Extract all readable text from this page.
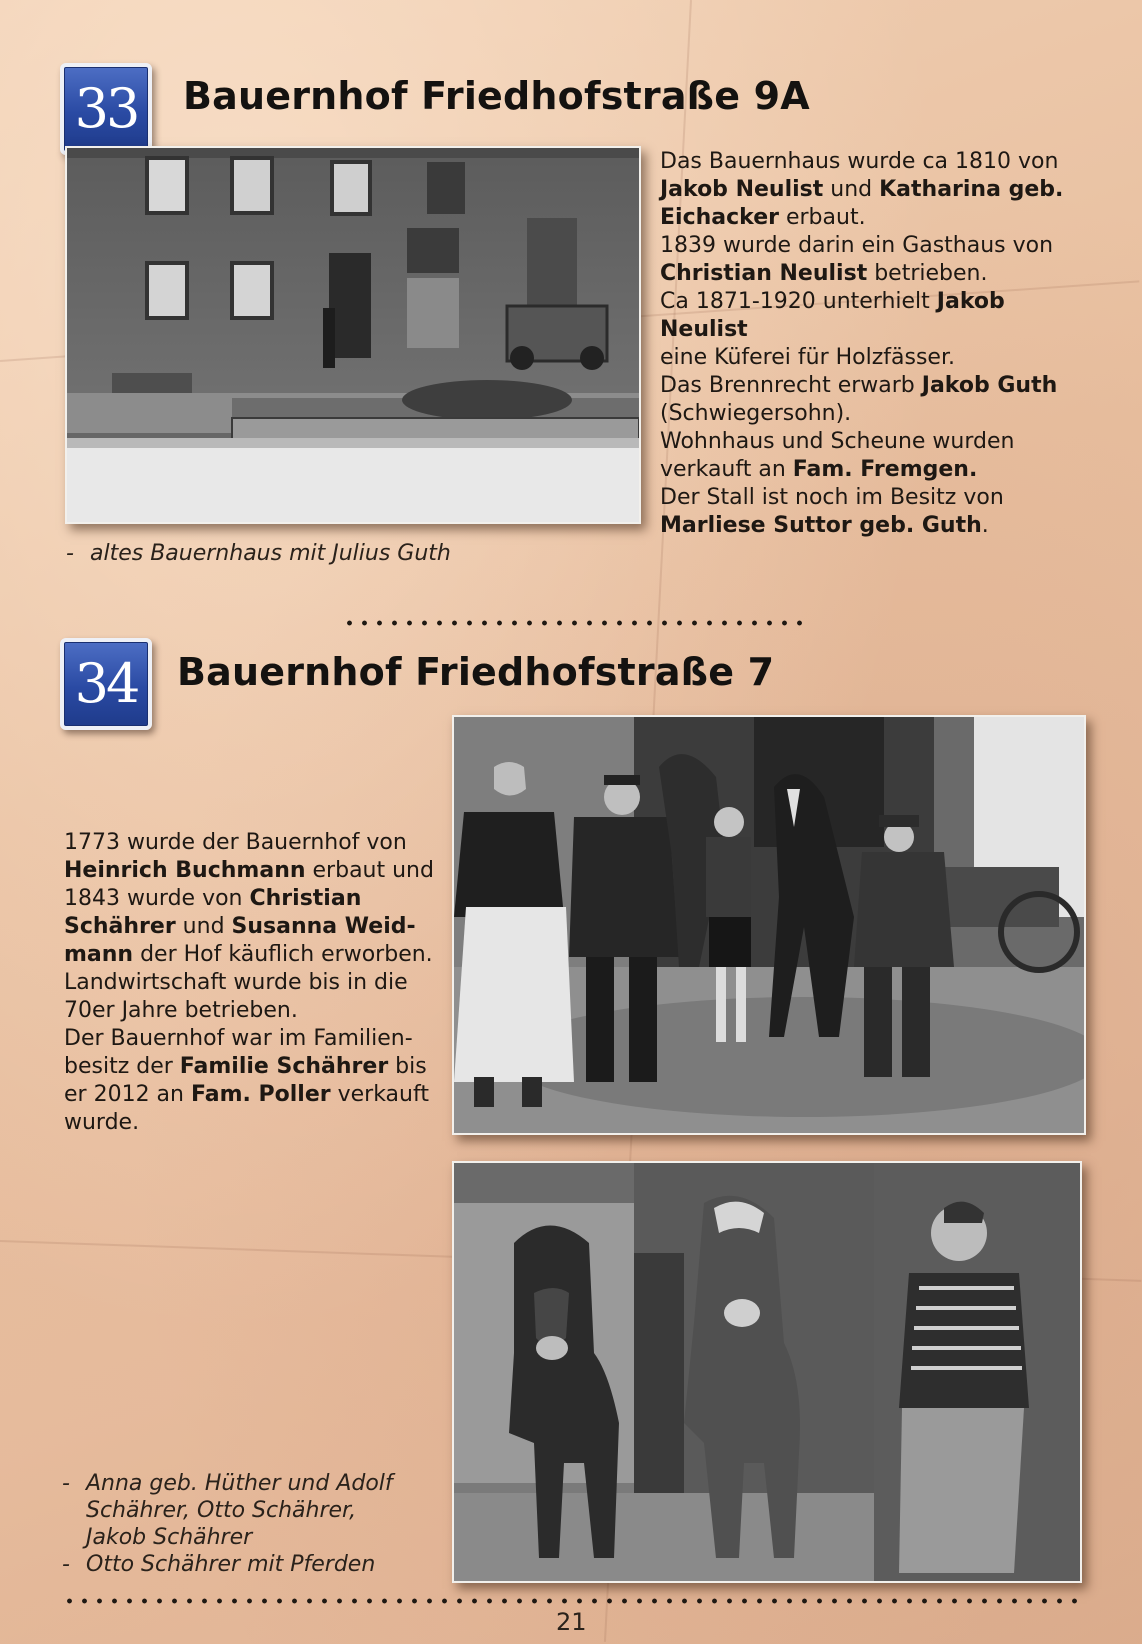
33	Bauernhof Friedhofstraße 9A

Das Bauernhaus wurde ca 1810 von

Jakob Neulist und Katharina geb.

Eichacker erbaut.

1839 wurde darin ein Gasthaus von

Christian Neulist betrieben.

Ca 1871-1920 unterhielt Jakob Neulist

eine Küferei für Holzfässer.

Das Brennrecht erwarb Jakob Guth

(Schwiegersohn).

Wohnhaus und Scheune wurden

verkauft an Fam. Fremgen.

Der Stall ist noch im Besitz von

Marliese Suttor geb. Guth.

- altes Bauernhaus mit Julius Guth
34	Bauernhof Friedhofstraße 7

1773 wurde der Bauernhof von

Heinrich Buchmann erbaut und

1843 wurde von Christian

Schährer und Susanna Weid-

mann der Hof käuflich erworben.

Landwirtschaft wurde bis in die

70er Jahre betrieben.

Der Bauernhof war im Familien-

besitz der Familie Schährer bis

er 2012 an Fam. Poller verkauft

wurde.

- Anna geb. Hüther und Adolf
Schährer, Otto Schährer,
Jakob Schährer
- Otto Schährer mit Pferden
21
